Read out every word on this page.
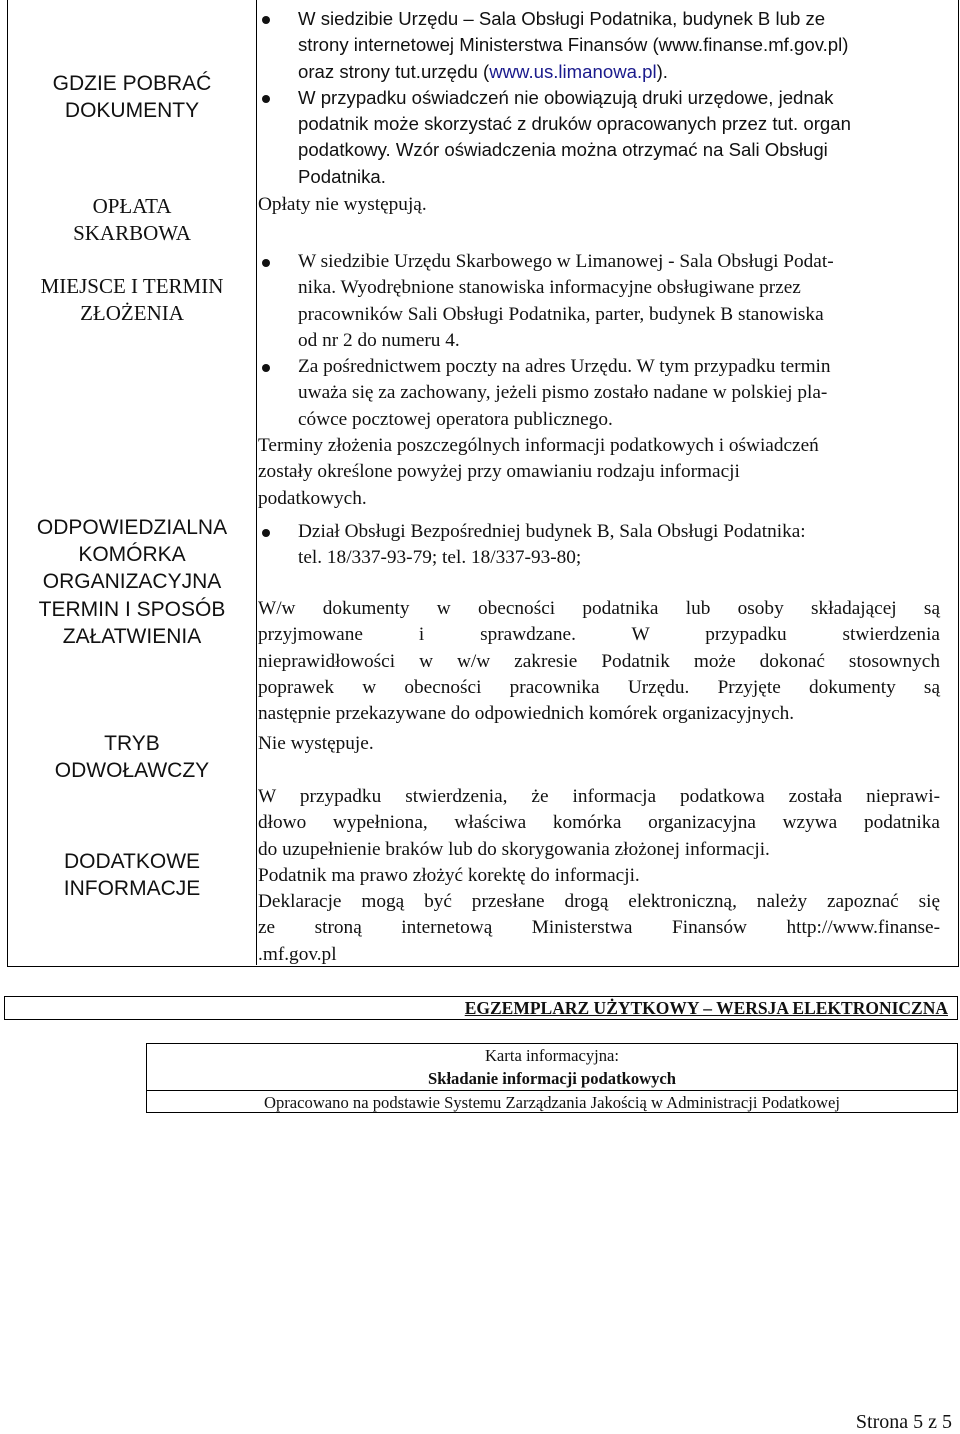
GDZIE POBRAĆ
DOKUMENTY
OPŁATA
SKARBOWA
MIEJSCE I TERMIN
ZŁOŻENIA
ODPOWIEDZIALNA
KOMÓRKA
ORGANIZACYJNA
TERMIN I SPOSÓB
ZAŁATWIENIA
TRYB
ODWOŁAWCZY
DODATKOWE
INFORMACJE
W siedzibie Urzędu – Sala Obsługi Podatnika, budynek B lub ze
strony internetowej Ministerstwa Finansów (www.finanse.mf.gov.pl)
oraz strony tut.urzędu (www.us.limanowa.pl).
W przypadku oświadczeń nie obowiązują druki urzędowe, jednak
podatnik może skorzystać z druków opracowanych przez tut. organ
podatkowy. Wzór oświadczenia można otrzymać na Sali Obsługi
Podatnika.
Opłaty nie występują.
W siedzibie Urzędu Skarbowego w Limanowej - Sala Obsługi Podat-
nika. Wyodrębnione stanowiska informacyjne obsługiwane przez
pracowników Sali Obsługi Podatnika, parter, budynek B stanowiska
od nr 2 do numeru 4.
Za pośrednictwem poczty na adres Urzędu. W tym przypadku termin
uważa się za zachowany, jeżeli pismo zostało nadane w polskiej pla-
cówce pocztowej operatora publicznego.
Terminy złożenia poszczególnych informacji podatkowych i oświadczeń
zostały określone powyżej przy omawianiu rodzaju informacji
podatkowych.
Dział Obsługi Bezpośredniej budynek B, Sala Obsługi Podatnika:
tel. 18/337-93-79; tel. 18/337-93-80;
W/w dokumenty w obecności podatnika lub osoby składającej są
przyjmowane i sprawdzane. W przypadku stwierdzenia
nieprawidłowości w w/w zakresie Podatnik może dokonać stosownych
poprawek w obecności pracownika Urzędu. Przyjęte dokumenty są
następnie przekazywane do odpowiednich komórek organizacyjnych.
Nie występuje.
W przypadku stwierdzenia, że informacja podatkowa została nieprawi-
dłowo wypełniona, właściwa komórka organizacyjna wzywa podatnika
do uzupełnienie braków lub do skorygowania złożonej informacji.
Podatnik ma prawo złożyć korektę do informacji.
Deklaracje mogą być przesłane drogą elektroniczną, należy zapoznać się
ze stroną internetową Ministerstwa Finansów http://www.finanse-
.mf.gov.pl
EGZEMPLARZ UŻYTKOWY – WERSJA ELEKTRONICZNA
Karta informacyjna:
Składanie informacji podatkowych
Opracowano na podstawie Systemu Zarządzania Jakością w Administracji Podatkowej
Strona 5 z 5
